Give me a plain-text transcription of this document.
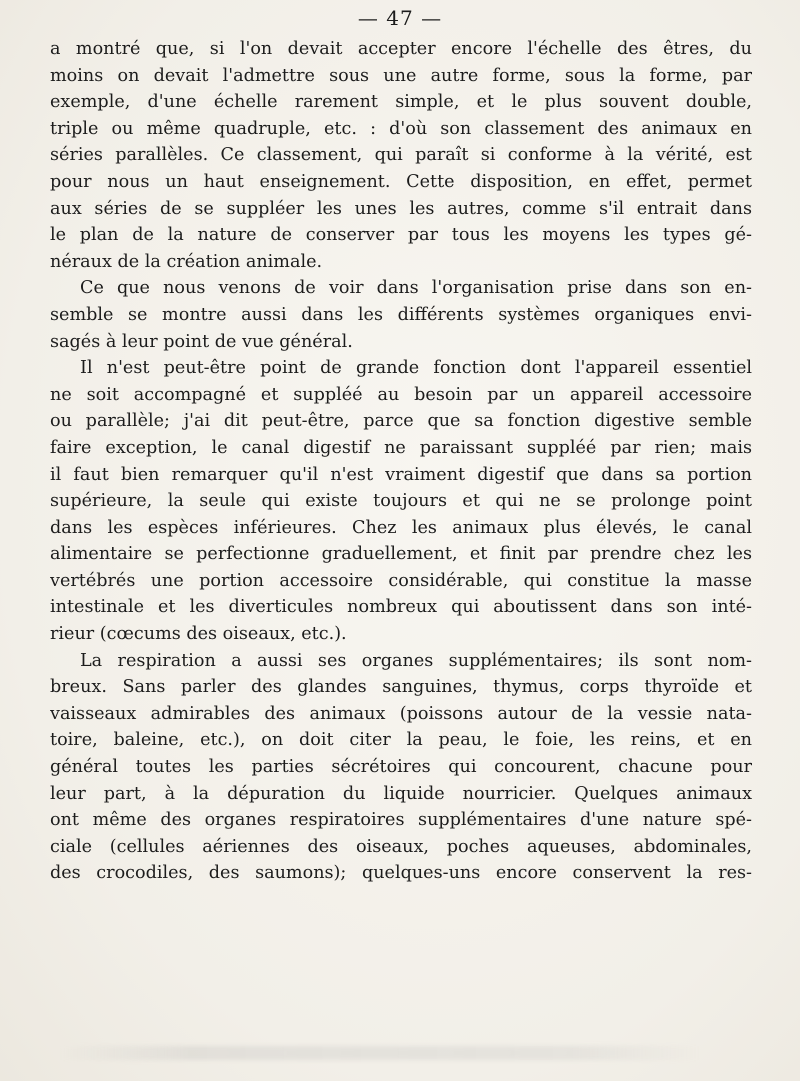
— 47 —
a montré que, si l'on devait accepter encore l'échelle des êtres, du
moins on devait l'admettre sous une autre forme, sous la forme, par
exemple, d'une échelle rarement simple, et le plus souvent double,
triple ou même quadruple, etc. : d'où son classement des animaux en
séries parallèles. Ce classement, qui paraît si conforme à la vérité, est
pour nous un haut enseignement. Cette disposition, en effet, permet
aux séries de se suppléer les unes les autres, comme s'il entrait dans
le plan de la nature de conserver par tous les moyens les types gé-
néraux de la création animale.
Ce que nous venons de voir dans l'organisation prise dans son en-
semble se montre aussi dans les différents systèmes organiques envi-
sagés à leur point de vue général.
Il n'est peut-être point de grande fonction dont l'appareil essentiel
ne soit accompagné et suppléé au besoin par un appareil accessoire
ou parallèle; j'ai dit peut-être, parce que sa fonction digestive semble
faire exception, le canal digestif ne paraissant suppléé par rien; mais
il faut bien remarquer qu'il n'est vraiment digestif que dans sa portion
supérieure, la seule qui existe toujours et qui ne se prolonge point
dans les espèces inférieures. Chez les animaux plus élevés, le canal
alimentaire se perfectionne graduellement, et finit par prendre chez les
vertébrés une portion accessoire considérable, qui constitue la masse
intestinale et les diverticules nombreux qui aboutissent dans son inté-
rieur (cœcums des oiseaux, etc.).
La respiration a aussi ses organes supplémentaires; ils sont nom-
breux. Sans parler des glandes sanguines, thymus, corps thyroïde et
vaisseaux admirables des animaux (poissons autour de la vessie nata-
toire, baleine, etc.), on doit citer la peau, le foie, les reins, et en
général toutes les parties sécrétoires qui concourent, chacune pour
leur part, à la dépuration du liquide nourricier. Quelques animaux
ont même des organes respiratoires supplémentaires d'une nature spé-
ciale (cellules aériennes des oiseaux, poches aqueuses, abdominales,
des crocodiles, des saumons); quelques-uns encore conservent la res-
